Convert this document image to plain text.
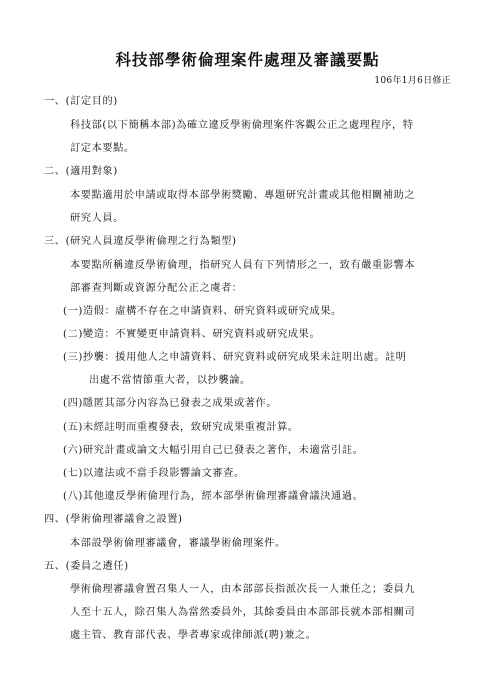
科技部學術倫理案件處理及審議要點
106年1月6日修正
一、(訂定目的)
科技部(以下簡稱本部)為確立違反學術倫理案件客觀公正之處理程序，特
訂定本要點。
二、(適用對象)
本要點適用於申請或取得本部學術獎勵、專題研究計畫或其他相關補助之
研究人員。
三、(研究人員違反學術倫理之行為類型)
本要點所稱違反學術倫理，指研究人員有下列情形之一，致有嚴重影響本
部審查判斷或資源分配公正之虞者：
(一)造假：虛構不存在之申請資料、研究資料或研究成果。
(二)變造：不實變更申請資料、研究資料或研究成果。
(三)抄襲：援用他人之申請資料、研究資料或研究成果未註明出處。註明
出處不當情節重大者，以抄襲論。
(四)隱匿其部分內容為已發表之成果或著作。
(五)未經註明而重複發表，致研究成果重複計算。
(六)研究計畫或論文大幅引用自己已發表之著作，未適當引註。
(七)以違法或不當手段影響論文審查。
(八)其他違反學術倫理行為，經本部學術倫理審議會議決通過。
四、(學術倫理審議會之設置)
本部設學術倫理審議會，審議學術倫理案件。
五、(委員之遴任)
學術倫理審議會置召集人一人，由本部部長指派次長一人兼任之；委員九
人至十五人，除召集人為當然委員外，其餘委員由本部部長就本部相關司
處主管、教育部代表、學者專家或律師派(聘)兼之。
